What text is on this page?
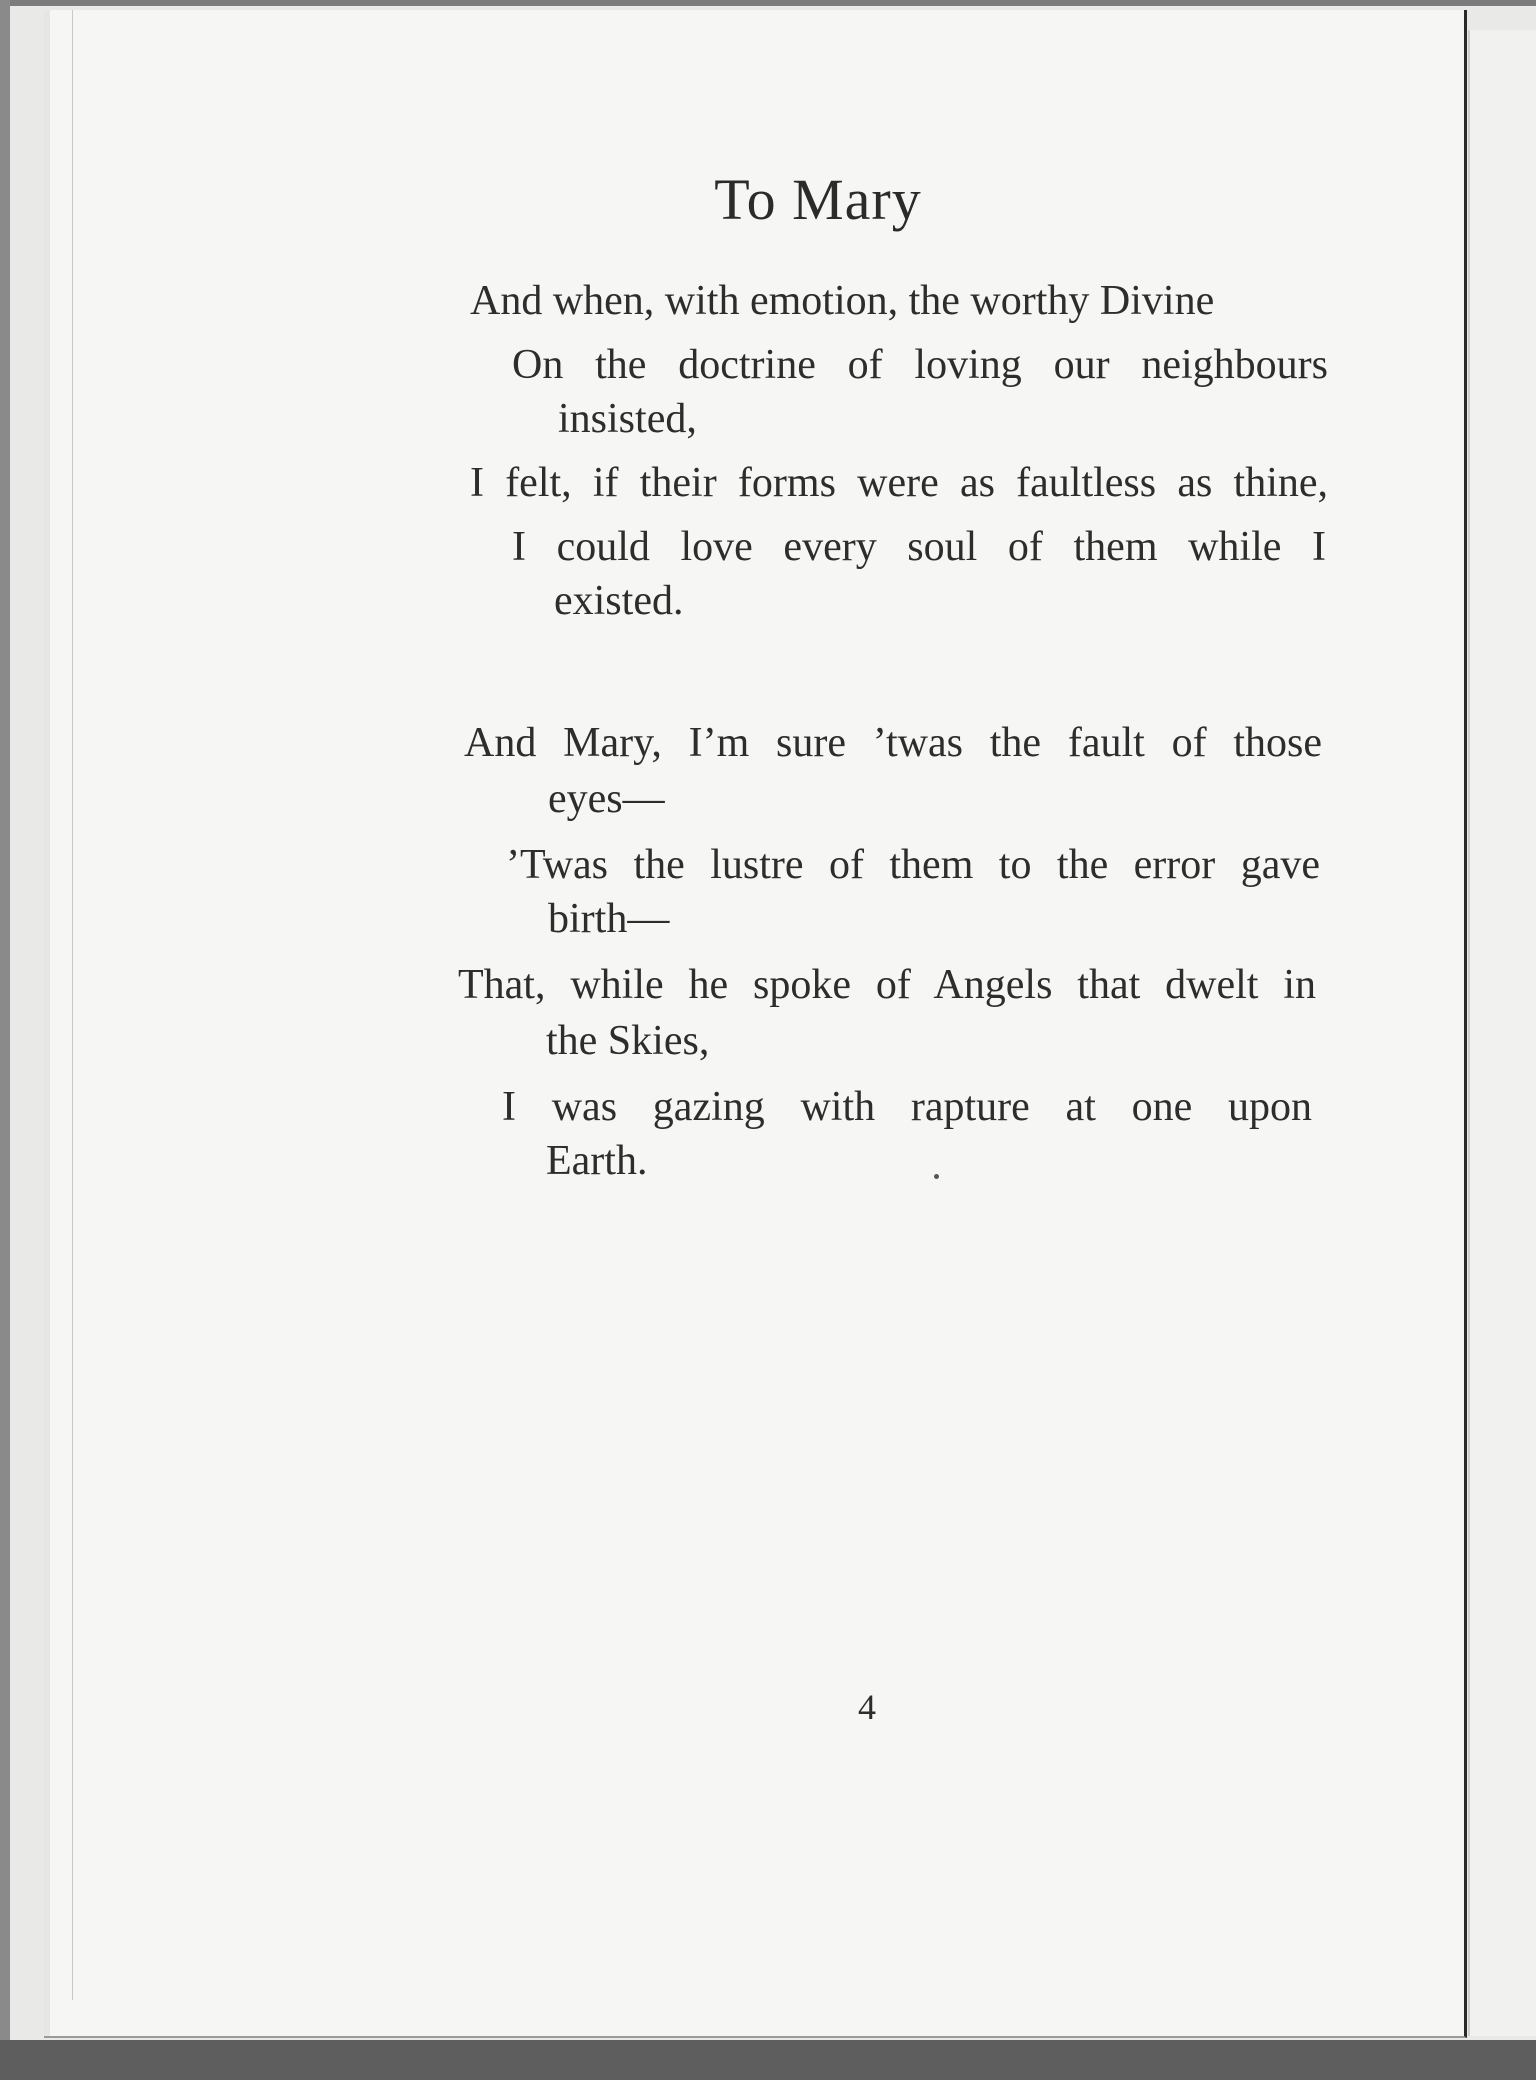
To Mary
And when, with emotion, the worthy Divine
On the doctrine of loving our neighbours
insisted,
I felt, if their forms were as faultless as thine,
I could love every soul of them while I
existed.
And Mary, I’m sure ’twas the fault of those
eyes—
’Twas the lustre of them to the error gave
birth—
That, while he spoke of Angels that dwelt in
the Skies,
I was gazing with rapture at one upon
Earth.
4
